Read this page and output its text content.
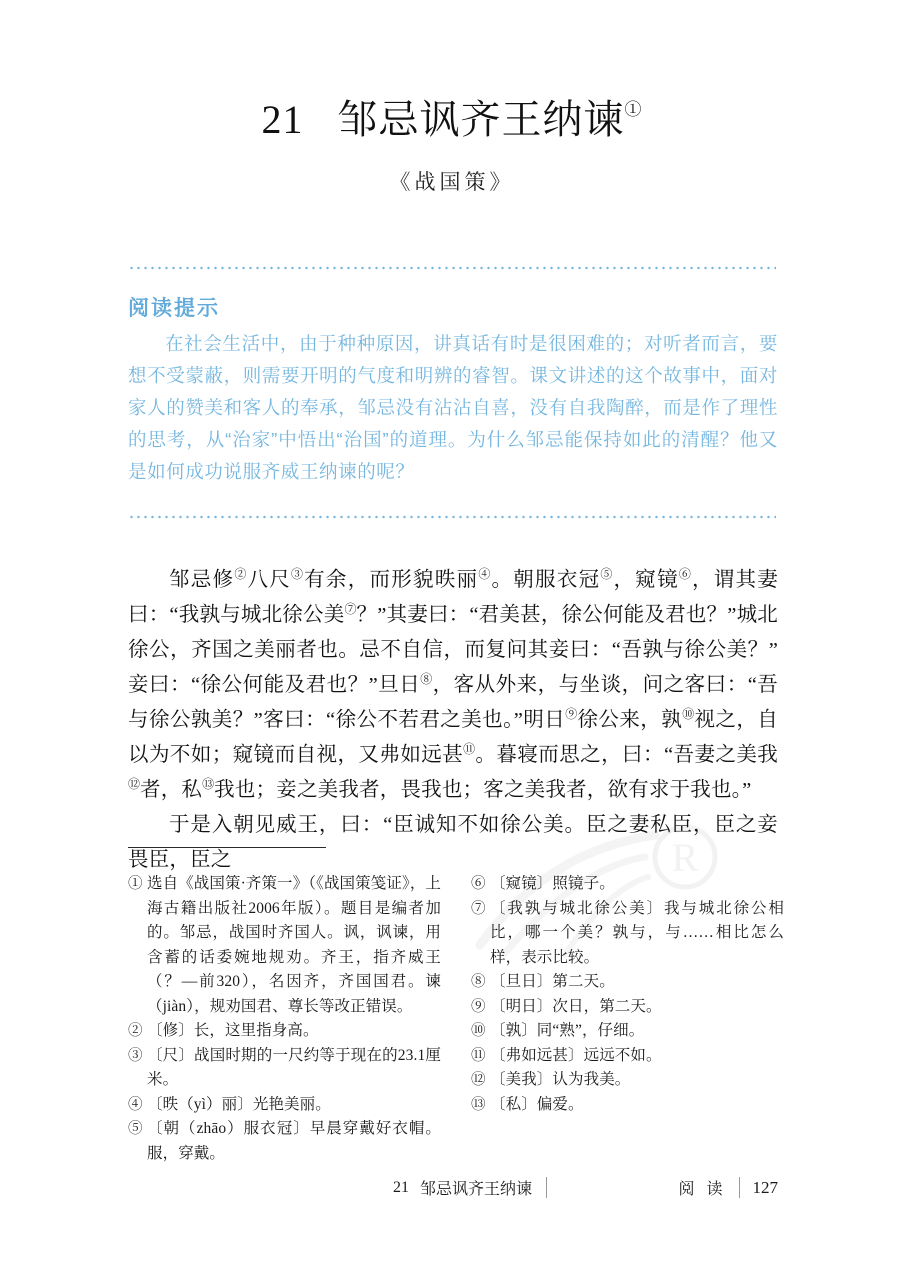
R
21 邹忌讽齐王纳谏①
《战国策》
阅读提示

在社会生活中，由于种种原因，讲真话有时是很困难的；对听者而言，要想不受蒙蔽，则需要开明的气度和明辨的睿智。课文讲述的这个故事中，面对家人的赞美和客人的奉承，邹忌没有沾沾自喜，没有自我陶醉，而是作了理性的思考，从“治家”中悟出“治国”的道理。为什么邹忌能保持如此的清醒？他又是如何成功说服齐威王纳谏的呢？

邹忌修②八尺③有余，而形貌昳丽④。朝服衣冠⑤，窥镜⑥，谓其妻曰：“我孰与城北徐公美⑦？”其妻曰：“君美甚，徐公何能及君也？”城北徐公，齐国之美丽者也。忌不自信，而复问其妾曰：“吾孰与徐公美？”妾曰：“徐公何能及君也？”旦日⑧，客从外来，与坐谈，问之客曰：“吾与徐公孰美？”客曰：“徐公不若君之美也。”明日⑨徐公来，孰⑩视之，自以为不如；窥镜而自视，又弗如远甚⑪。暮寝而思之，曰：“吾妻之美我⑫者，私⑬我也；妾之美我者，畏我也；客之美我者，欲有求于我也。”

于是入朝见威王，曰：“臣诚知不如徐公美。臣之妻私臣，臣之妾畏臣，臣之

① 选自《战国策·齐策一》（《战国策笺证》，上海古籍出版社2006年版）。题目是编者加的。邹忌，战国时齐国人。讽，讽谏，用含蓄的话委婉地规劝。齐王，指齐威王（？—前320），名因齐，齐国国君。谏（jiàn），规劝国君、尊长等改正错误。
② 〔修〕长，这里指身高。
③ 〔尺〕战国时期的一尺约等于现在的23.1厘米。
④ 〔昳（yì）丽〕光艳美丽。
⑤ 〔朝（zhāo）服衣冠〕早晨穿戴好衣帽。服，穿戴。
⑥ 〔窥镜〕照镜子。
⑦ 〔我孰与城北徐公美〕我与城北徐公相比，哪一个美？孰与，与……相比怎么样，表示比较。
⑧ 〔旦日〕第二天。
⑨ 〔明日〕次日，第二天。
⑩ 〔孰〕同“熟”，仔细。
⑪ 〔弗如远甚〕远远不如。
⑫ 〔美我〕认为我美。
⑬ 〔私〕偏爱。
21 邹忌讽齐王纳谏	阅 读 127
